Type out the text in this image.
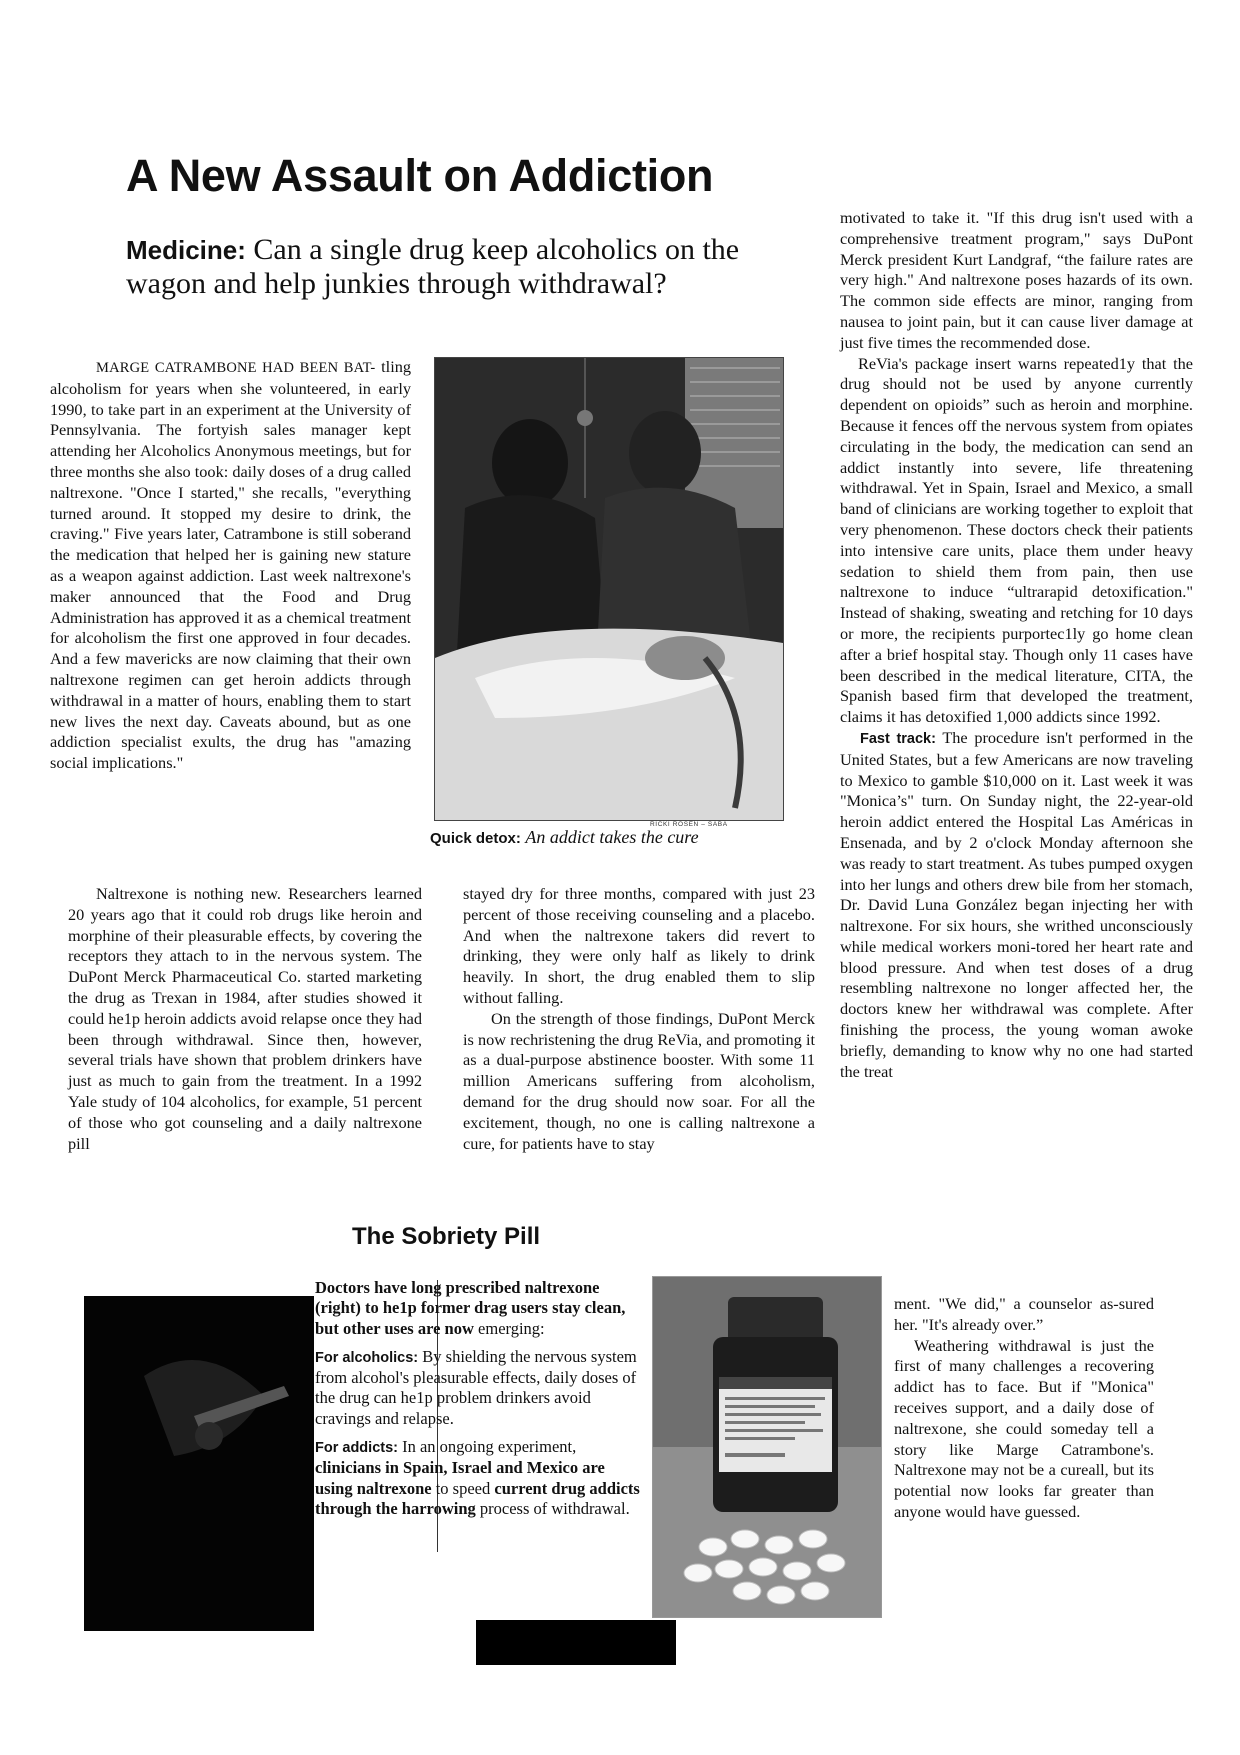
A New Assault on Addiction
Medicine: Can a single drug keep alcoholics on the wagon and help junkies through withdrawal?

MARGE CATRAMBONE HAD BEEN BAT- tling alcoholism for years when she volunteered, in early 1990, to take part in an experiment at the University of Pennsylvania. The fortyish sales manager kept attending her Alcoholics Anonymous meetings, but for three months she also took: daily doses of a drug called naltrexone. "Once I started," she recalls, "everything turned around. It stopped my desire to drink, the craving." Five years later, Catrambone is still soberand the medication that helped her is gaining new stature as a weapon against addiction. Last week naltrexone's maker announced that the Food and Drug Administration has approved it as a chemical treatment for alcoholism the first one approved in four decades. And a few mavericks are now claiming that their own naltrexone regimen can get heroin addicts through withdrawal in a matter of hours, enabling them to start new lives the next day. Caveats abound, but as one addiction specialist exults, the drug has "amazing social implications."

RICKI ROSEN – SABA
Quick detox: An addict takes the cure

Naltrexone is nothing new. Researchers learned 20 years ago that it could rob drugs like heroin and morphine of their pleasurable effects, by covering the receptors they attach to in the nervous system. The DuPont Merck Pharmaceutical Co. started marketing the drug as Trexan in 1984, after studies showed it could he1p heroin addicts avoid relapse once they had been through withdrawal. Since then, however, several trials have shown that problem drinkers have just as much to gain from the treatment. In a 1992 Yale study of 104 alcoholics, for example, 51 percent of those who got counseling and a daily naltrexone pill

stayed dry for three months, compared with just 23 percent of those receiving counseling and a placebo. And when the naltrexone takers did revert to drinking, they were only half as likely to drink heavily. In short, the drug enabled them to slip without falling.

On the strength of those findings, DuPont Merck is now rechristening the drug ReVia, and promoting it as a dual-purpose abstinence booster. With some 11 million Americans suffering from alcoholism, demand for the drug should now soar. For all the excitement, though, no one is calling naltrexone a cure, for patients have to stay

motivated to take it. "If this drug isn't used with a comprehensive treatment program," says DuPont Merck president Kurt Landgraf, “the failure rates are very high." And naltrexone poses hazards of its own. The common side effects are minor, ranging from nausea to joint pain, but it can cause liver damage at just five times the recommended dose.

ReVia's package insert warns repeated1y that the drug should not be used by anyone currently dependent on opioids” such as heroin and morphine. Because it fences off the nervous system from opiates circulating in the body, the medication can send an addict instantly into severe, life threatening withdrawal. Yet in Spain, Israel and Mexico, a small band of clinicians are working together to exploit that very phenomenon. These doctors check their patients into intensive care units, place them under heavy sedation to shield them from pain, then use naltrexone to induce “ultrarapid detoxification." Instead of shaking, sweating and retching for 10 days or more, the recipients purportec1ly go home clean after a brief hospital stay. Though only 11 cases have been described in the medical literature, CITA, the Spanish based firm that developed the treatment, claims it has detoxified 1,000 addicts since 1992.

Fast track: The procedure isn't performed in the United States, but a few Americans are now traveling to Mexico to gamble $10,000 on it. Last week it was "Monica’s" turn. On Sunday night, the 22-year-old heroin addict entered the Hospital Las Américas in Ensenada, and by 2 o'clock Monday afternoon she was ready to start treatment. As tubes pumped oxygen into her lungs and others drew bile from her stomach, Dr. David Luna González began injecting her with naltrexone. For six hours, she writhed unconsciously while medical workers moni-tored her heart rate and blood pressure. And when test doses of a drug resembling naltrexone no longer affected her, the doctors knew her withdrawal was complete. After finishing the process, the young woman awoke briefly, demanding to know why no one had started the treat

The Sobriety Pill

Doctors have long prescribed naltrexone (right) to he1p former drag users stay clean, but other uses are now emerging:

For alcoholics: By shielding the nervous system from alcohol's pleasurable effects, daily doses of the drug can he1p problem drinkers avoid cravings and relapse.

For addicts: In an ongoing experiment, clinicians in Spain, Israel and Mexico are using naltrexone to speed current drug addicts through the harrowing process of withdrawal.

ment. "We did," a counselor as-sured her. "It's already over.”

Weathering withdrawal is just the first of many challenges a recovering addict has to face. But if "Monica" receives support, and a daily dose of naltrexone, she could someday tell a story like Marge Catrambone's. Naltrexone may not be a cureall, but its potential now looks far greater than anyone would have guessed.
